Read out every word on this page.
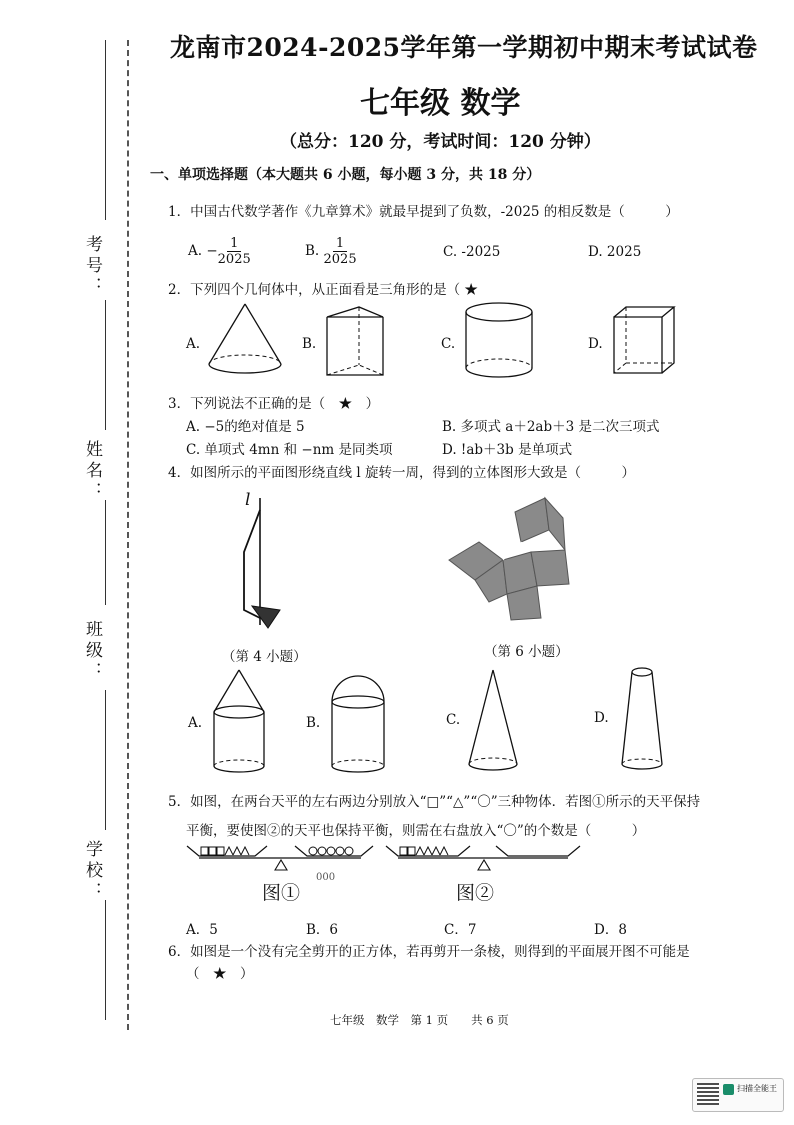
考号：
姓名：
班级：
学校：
龙南市2024-2025学年第一学期初中期末考试试卷
七年级 数学
（总分：120 分，考试时间：120 分钟）
一、单项选择题（本大题共 6 小题，每小题 3 分，共 18 分）
1．中国古代数学著作《九章算术》就最早提到了负数，-2025 的相反数是（　　　）
A. − $\frac{1}{2025}$	B. $\frac{1}{2025}$	C. -2025	D. 2025
2．下列四个几何体中，从正面看是三角形的是（ ★
A.	B.	C.	D.
3．下列说法不正确的是（　★　）
A. −5的绝对值是 5	B. 多项式 a＋2ab＋3 是二次三项式
C. 单项式 4mn 和 −nm 是同类项	D. !ab＋3b 是单项式
4．如图所示的平面图形绕直线 l 旋转一周，得到的立体图形大致是（　　　）
l
（第 4 小题）	（第 6 小题）
A.	B.	C.	D.
5．如图，在两台天平的左右两边分别放入“□”“△”“〇”三种物体．若图①所示的天平保持
平衡，要使图②的天平也保持平衡，则需在右盘放入“〇”的个数是（　　　）
图①
000
图②
A．5	B．6	C．7	D．8
6．如图是一个没有完全剪开的正方体，若再剪开一条棱，则得到的平面展开图不可能是
（　★　）
七年级　数学　第 1 页　　共 6 页
扫描全能王
